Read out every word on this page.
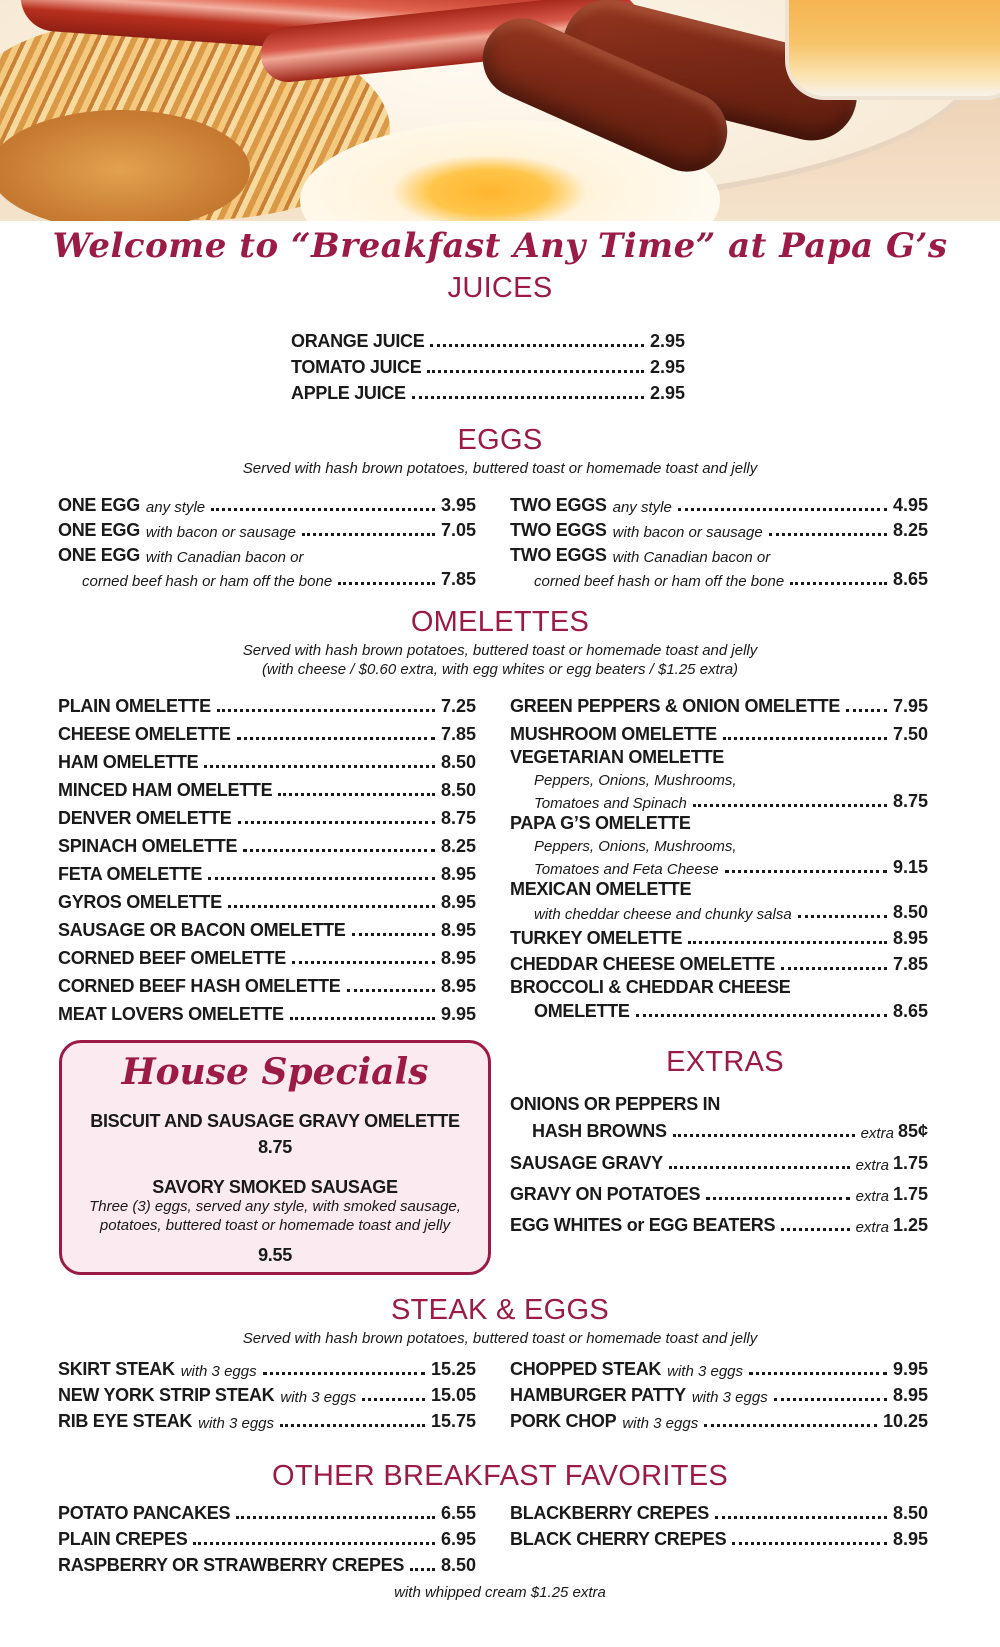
Welcome to “Breakfast Any Time” at Papa G’s
JUICES
ORANGE JUICE	2.95
TOMATO JUICE	2.95
APPLE JUICE	2.95
EGGS
Served with hash brown potatoes, buttered toast or homemade toast and jelly
ONE EGG any style	3.95
ONE EGG with bacon or sausage	7.05
ONE EGG with Canadian bacon or
corned beef hash or ham off the bone	7.85
TWO EGGS any style	4.95
TWO EGGS with bacon or sausage	8.25
TWO EGGS with Canadian bacon or
corned beef hash or ham off the bone	8.65
OMELETTES
Served with hash brown potatoes, buttered toast or homemade toast and jelly
(with cheese / $0.60 extra, with egg whites or egg beaters / $1.25 extra)
PLAIN OMELETTE	7.25
CHEESE OMELETTE	7.85
HAM OMELETTE	8.50
MINCED HAM OMELETTE	8.50
DENVER OMELETTE	8.75
SPINACH OMELETTE	8.25
FETA OMELETTE	8.95
GYROS OMELETTE	8.95
SAUSAGE OR BACON OMELETTE	8.95
CORNED BEEF OMELETTE	8.95
CORNED BEEF HASH OMELETTE	8.95
MEAT LOVERS OMELETTE	9.95
GREEN PEPPERS & ONION OMELETTE	7.95
MUSHROOM OMELETTE	7.50
VEGETARIAN OMELETTE
Peppers, Onions, Mushrooms,
Tomatoes and Spinach	8.75
PAPA G’S OMELETTE
Peppers, Onions, Mushrooms,
Tomatoes and Feta Cheese	9.15
MEXICAN OMELETTE
with cheddar cheese and chunky salsa	8.50
TURKEY OMELETTE	8.95
CHEDDAR CHEESE OMELETTE	7.85
BROCCOLI & CHEDDAR CHEESE
OMELETTE	8.65
House Specials
BISCUIT AND SAUSAGE GRAVY OMELETTE
8.75
SAVORY SMOKED SAUSAGE
Three (3) eggs, served any style, with smoked sausage,
potatoes, buttered toast or homemade toast and jelly
9.55
EXTRAS
ONIONS OR PEPPERS IN
HASH BROWNS	extra 85¢
SAUSAGE GRAVY	extra 1.75
GRAVY ON POTATOES	extra 1.75
EGG WHITES or EGG BEATERS	extra 1.25
STEAK & EGGS
Served with hash brown potatoes, buttered toast or homemade toast and jelly
SKIRT STEAK with 3 eggs	15.25
NEW YORK STRIP STEAK with 3 eggs	15.05
RIB EYE STEAK with 3 eggs	15.75
CHOPPED STEAK with 3 eggs	9.95
HAMBURGER PATTY with 3 eggs	8.95
PORK CHOP with 3 eggs	10.25
OTHER BREAKFAST FAVORITES
POTATO PANCAKES	6.55
PLAIN CREPES	6.95
RASPBERRY OR STRAWBERRY CREPES 8.50
BLACKBERRY CREPES	8.50
BLACK CHERRY CREPES	8.95
with whipped cream $1.25 extra
